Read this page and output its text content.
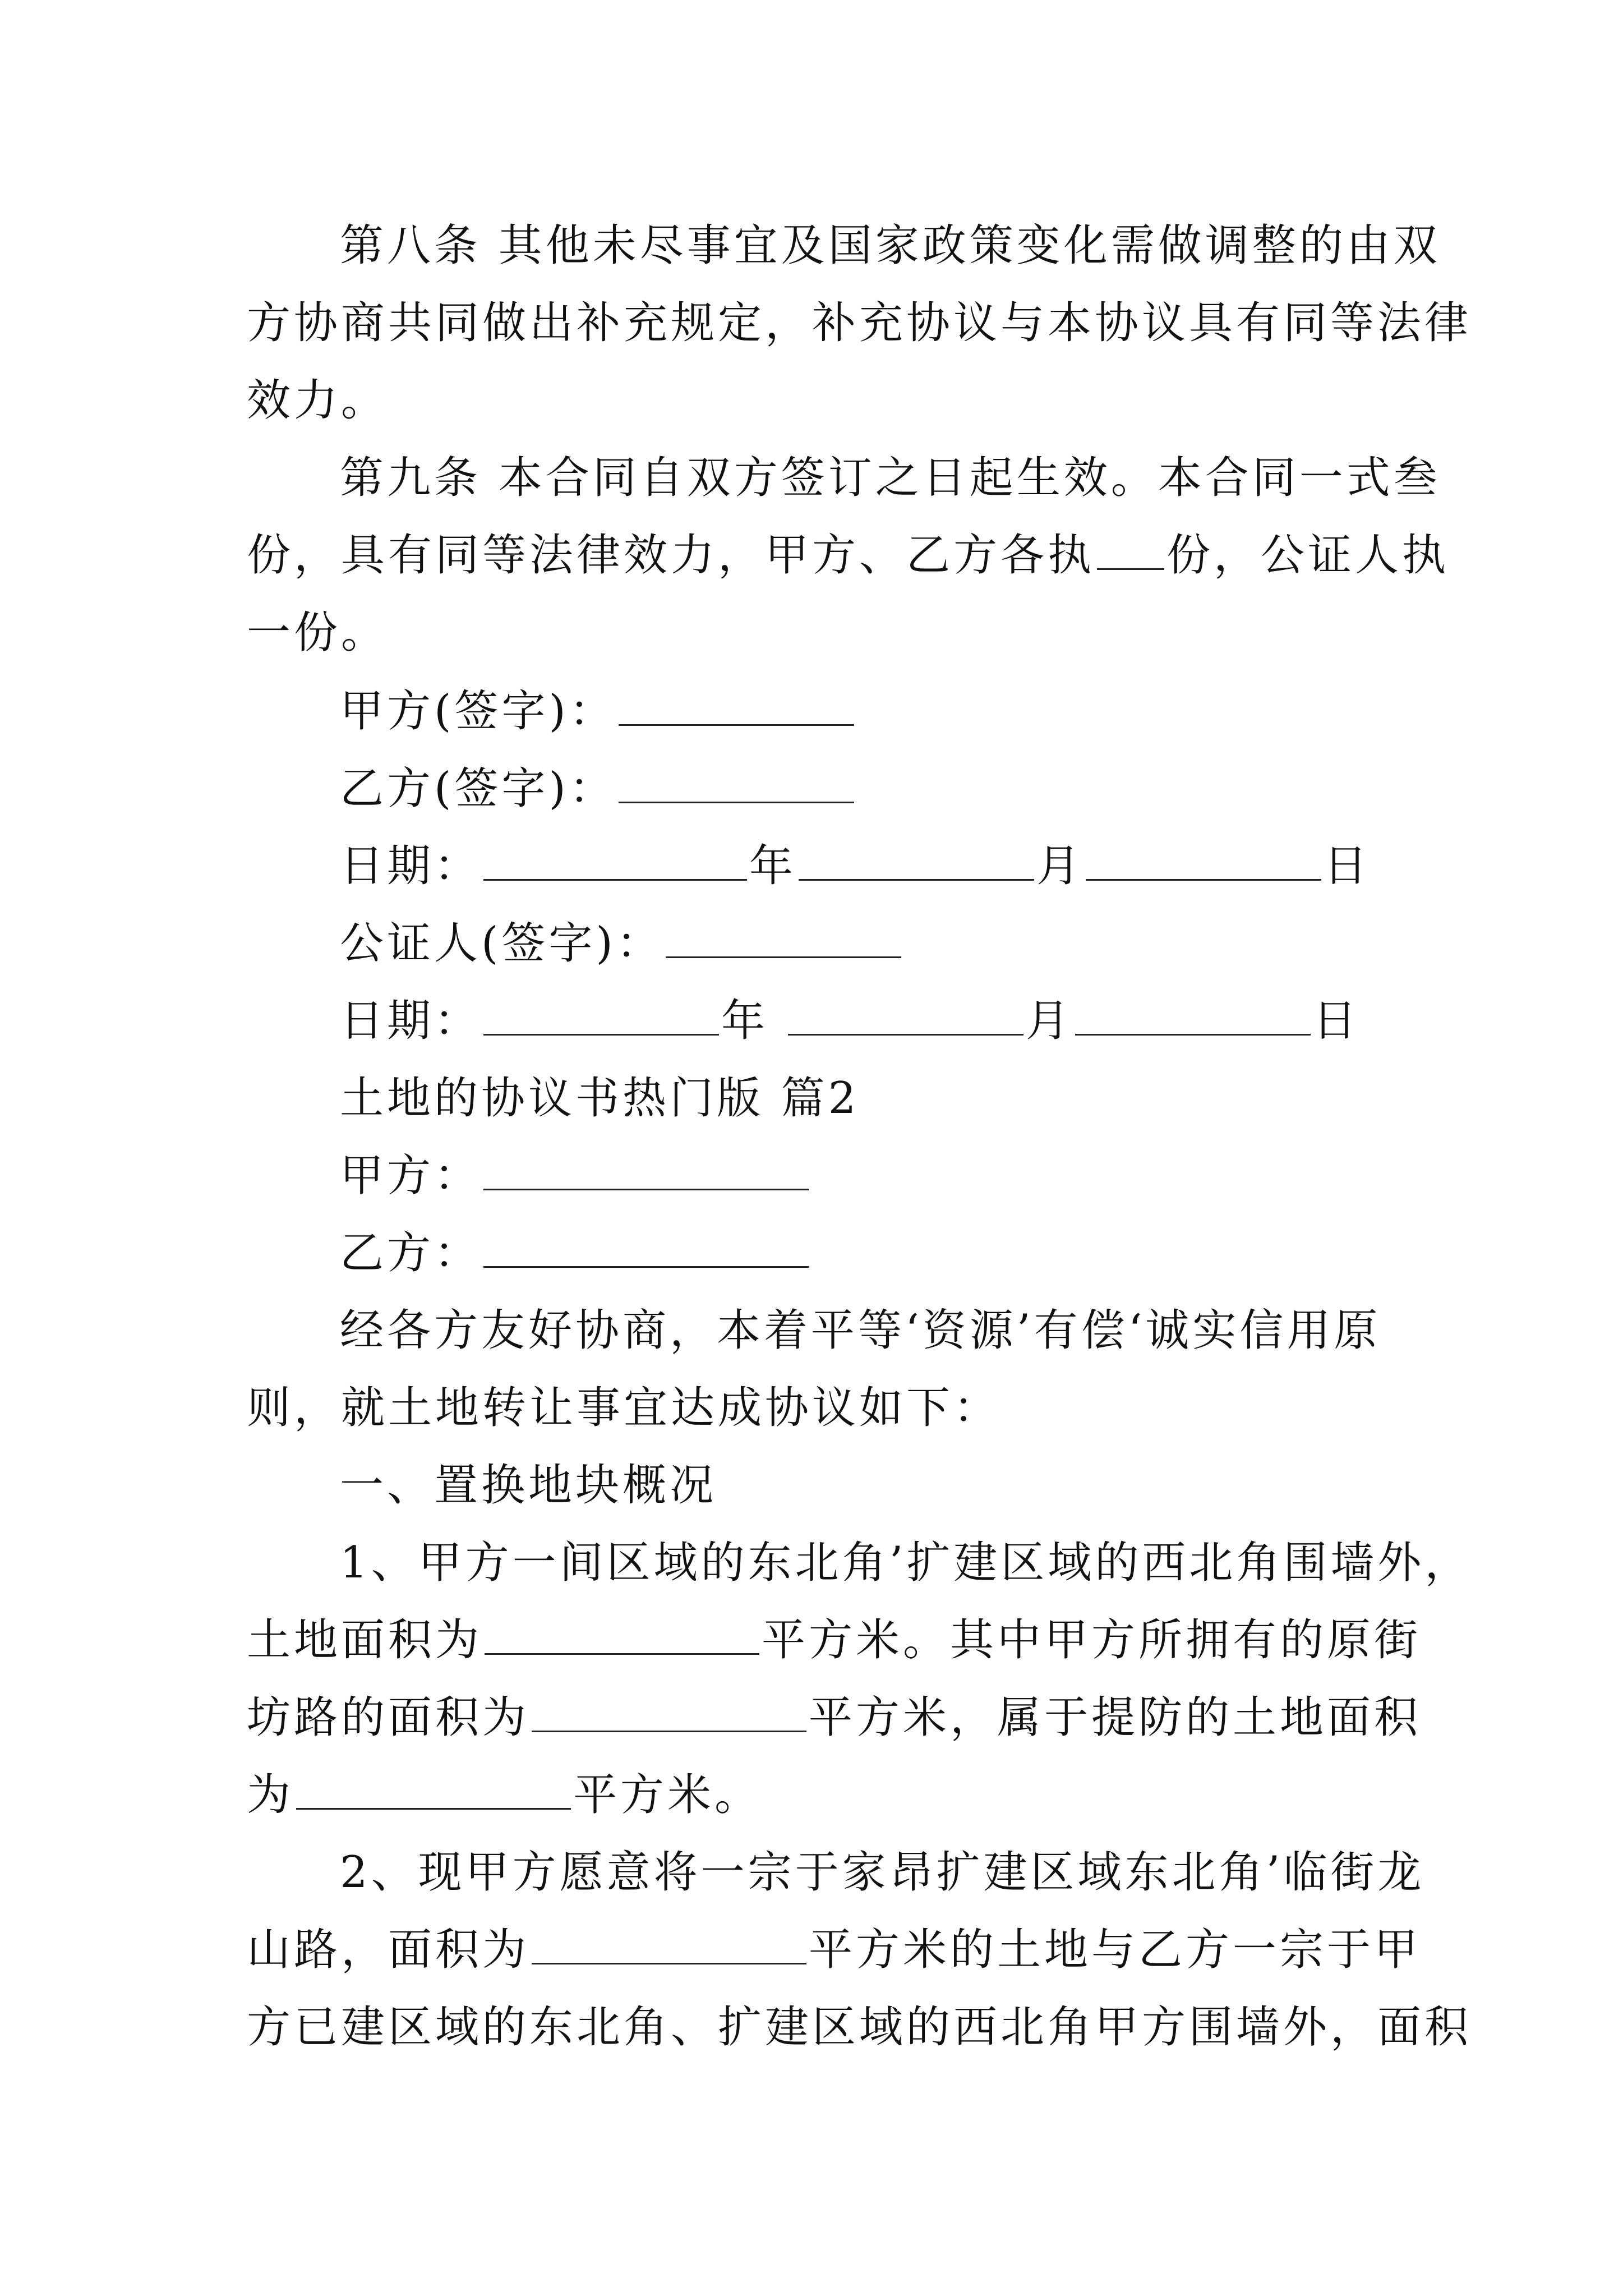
第八条 其他未尽事宜及国家政策变化需做调整的由双
方协商共同做出补充规定，补充协议与本协议具有同等法律
效力。
第九条 本合同自双方签订之日起生效。本合同一式叁
份，具有同等法律效力，甲方、乙方各执 份，公证人执
一份。
甲方(签字)：
乙方(签字)：
日期：	年	月	日
公证人(签字)：
日期：	年	月	日
土地的协议书热门版 篇2
甲方：
乙方：
经各方友好协商，本着平等‘资源’有偿‘诚实信用原
则，就土地转让事宜达成协议如下：
一、置换地块概况
1、甲方一间区域的东北角’扩建区域的西北角围墙外，
土地面积为	平方米。其中甲方所拥有的原街
坊路的面积为	平方米，属于提防的土地面积
为	平方米。
2、现甲方愿意将一宗于家昂扩建区域东北角’临街龙
山路，面积为	平方米的土地与乙方一宗于甲
方已建区域的东北角、扩建区域的西北角甲方围墙外，面积
